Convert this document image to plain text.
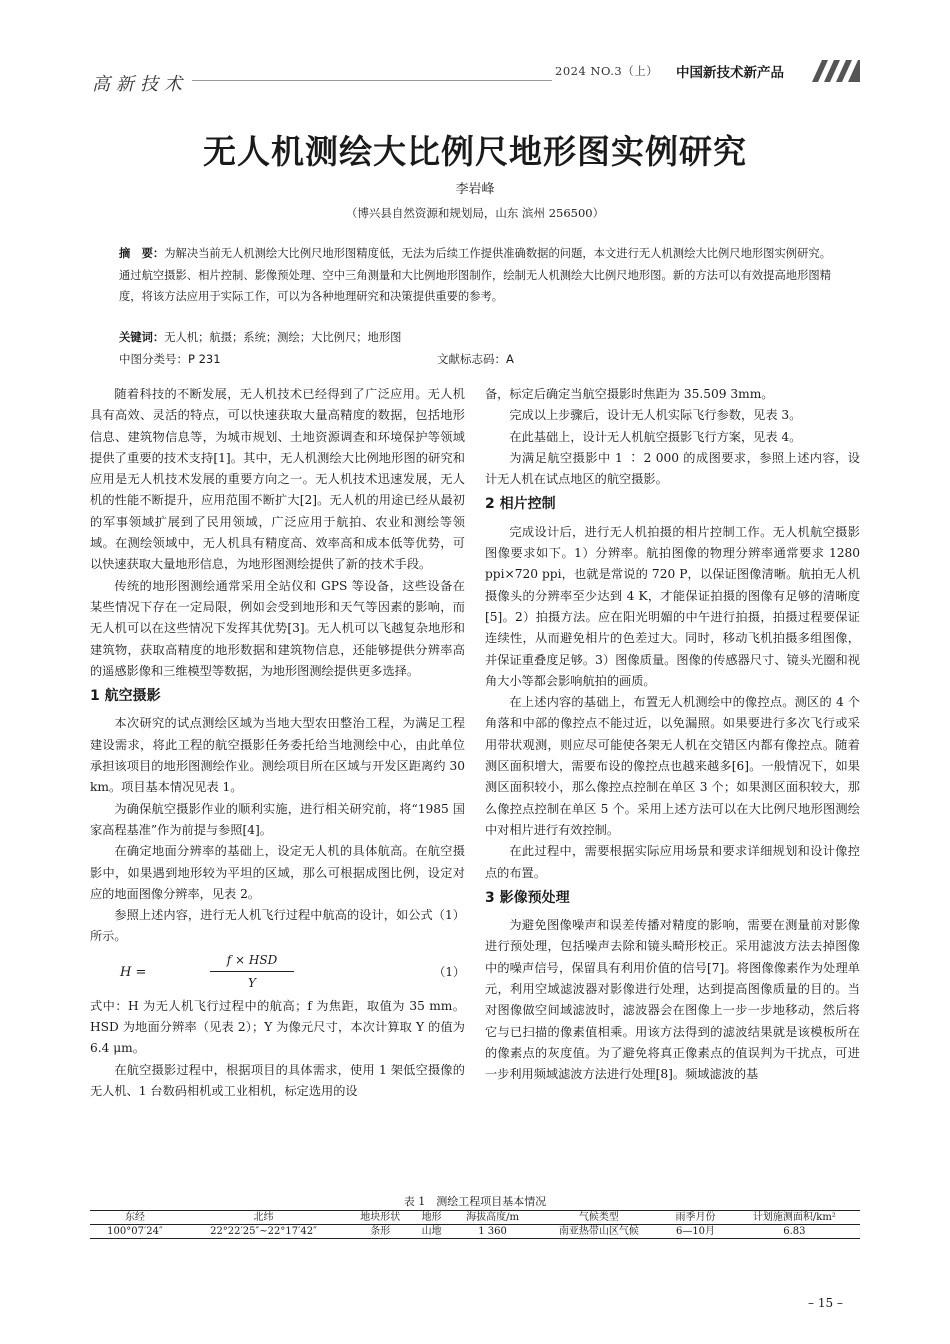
高新技术
2024 NO.3（上） 中国新技术新产品
无人机测绘大比例尺地形图实例研究
李岩峰
（博兴县自然资源和规划局，山东 滨州 256500）
摘　要：为解决当前无人机测绘大比例尺地形图精度低，无法为后续工作提供准确数据的问题，本文进行无人机测绘大比例尺地形图实例研究。通过航空摄影、相片控制、影像预处理、空中三角测量和大比例地形图制作，绘制无人机测绘大比例尺地形图。新的方法可以有效提高地形图精度，将该方法应用于实际工作，可以为各种地理研究和决策提供重要的参考。
关键词：无人机；航摄；系统；测绘；大比例尺；地形图
中图分类号：P 231	文献标志码：A

随着科技的不断发展，无人机技术已经得到了广泛应用。无人机具有高效、灵活的特点，可以快速获取大量高精度的数据，包括地形信息、建筑物信息等，为城市规划、土地资源调查和环境保护等领域提供了重要的技术支持[1]。其中，无人机测绘大比例地形图的研究和应用是无人机技术发展的重要方向之一。无人机技术迅速发展，无人机的性能不断提升，应用范围不断扩大[2]。无人机的用途已经从最初的军事领域扩展到了民用领域，广泛应用于航拍、农业和测绘等领域。在测绘领域中，无人机具有精度高、效率高和成本低等优势，可以快速获取大量地形信息，为地形图测绘提供了新的技术手段。

传统的地形图测绘通常采用全站仪和 GPS 等设备，这些设备在某些情况下存在一定局限，例如会受到地形和天气等因素的影响，而无人机可以在这些情况下发挥其优势[3]。无人机可以飞越复杂地形和建筑物，获取高精度的地形数据和建筑物信息，还能够提供分辨率高的遥感影像和三维模型等数据，为地形图测绘提供更多选择。

1 航空摄影

本次研究的试点测绘区域为当地大型农田整治工程，为满足工程建设需求，将此工程的航空摄影任务委托给当地测绘中心，由此单位承担该项目的地形图测绘作业。测绘项目所在区域与开发区距离约 30 km。项目基本情况见表 1。

为确保航空摄影作业的顺利实施，进行相关研究前，将“1985 国家高程基准”作为前提与参照[4]。

在确定地面分辨率的基础上，设定无人机的具体航高。在航空摄影中，如果遇到地形较为平坦的区域，那么可根据成图比例，设定对应的地面图像分辨率，见表 2。

参照上述内容，进行无人机飞行过程中航高的设计，如公式（1）所示。

H =
f × HSD
Y
（1）

式中：H 为无人机飞行过程中的航高；f 为焦距，取值为 35 mm。HSD 为地面分辨率（见表 2）；Y 为像元尺寸，本次计算取 Y 的值为 6.4 μm。

在航空摄影过程中，根据项目的具体需求，使用 1 架低空摄像的无人机、1 台数码相机或工业相机，标定选用的设

备，标定后确定当航空摄影时焦距为 35.509 3mm。

完成以上步骤后，设计无人机实际飞行参数，见表 3。

在此基础上，设计无人机航空摄影飞行方案，见表 4。

为满足航空摄影中 1 ∶ 2 000 的成图要求，参照上述内容，设计无人机在试点地区的航空摄影。

2 相片控制

完成设计后，进行无人机拍摄的相片控制工作。无人机航空摄影图像要求如下。1）分辨率。航拍图像的物理分辨率通常要求 1280 ppi×720 ppi，也就是常说的 720 P，以保证图像清晰。航拍无人机摄像头的分辨率至少达到 4 K，才能保证拍摄的图像有足够的清晰度[5]。2）拍摄方法。应在阳光明媚的中午进行拍摄，拍摄过程要保证连续性，从而避免相片的色差过大。同时，移动飞机拍摄多组图像，并保证重叠度足够。3）图像质量。图像的传感器尺寸、镜头光圈和视角大小等都会影响航拍的画质。

在上述内容的基础上，布置无人机测绘中的像控点。测区的 4 个角落和中部的像控点不能过近，以免漏照。如果要进行多次飞行或采用带状观测，则应尽可能使各架无人机在交错区内都有像控点。随着测区面积增大，需要布设的像控点也越来越多[6]。一般情况下，如果测区面积较小，那么像控点控制在单区 3 个；如果测区面积较大，那么像控点控制在单区 5 个。采用上述方法可以在大比例尺地形图测绘中对相片进行有效控制。

在此过程中，需要根据实际应用场景和要求详细规划和设计像控点的布置。

3 影像预处理

为避免图像噪声和误差传播对精度的影响，需要在测量前对影像进行预处理，包括噪声去除和镜头畸形校正。采用滤波方法去掉图像中的噪声信号，保留具有利用价值的信号[7]。将图像像素作为处理单元，利用空域滤波器对影像进行处理，达到提高图像质量的目的。当对图像做空间域滤波时，滤波器会在图像上一步一步地移动，然后将它与已扫描的像素值相乘。用该方法得到的滤波结果就是该模板所在的像素点的灰度值。为了避免将真正像素点的值误判为干扰点，可进一步利用频域滤波方法进行处理[8]。频域滤波的基

表 1　测绘工程项目基本情况
东经	北纬	地块形状	地形	海拔高度/m	气候类型	雨季月份	计划施测面积/km²
100°07′24″	22°22′25″~22°17′42″	条形	山地	1 360	南亚热带山区气候	6—10月	6.83
– 15 –
